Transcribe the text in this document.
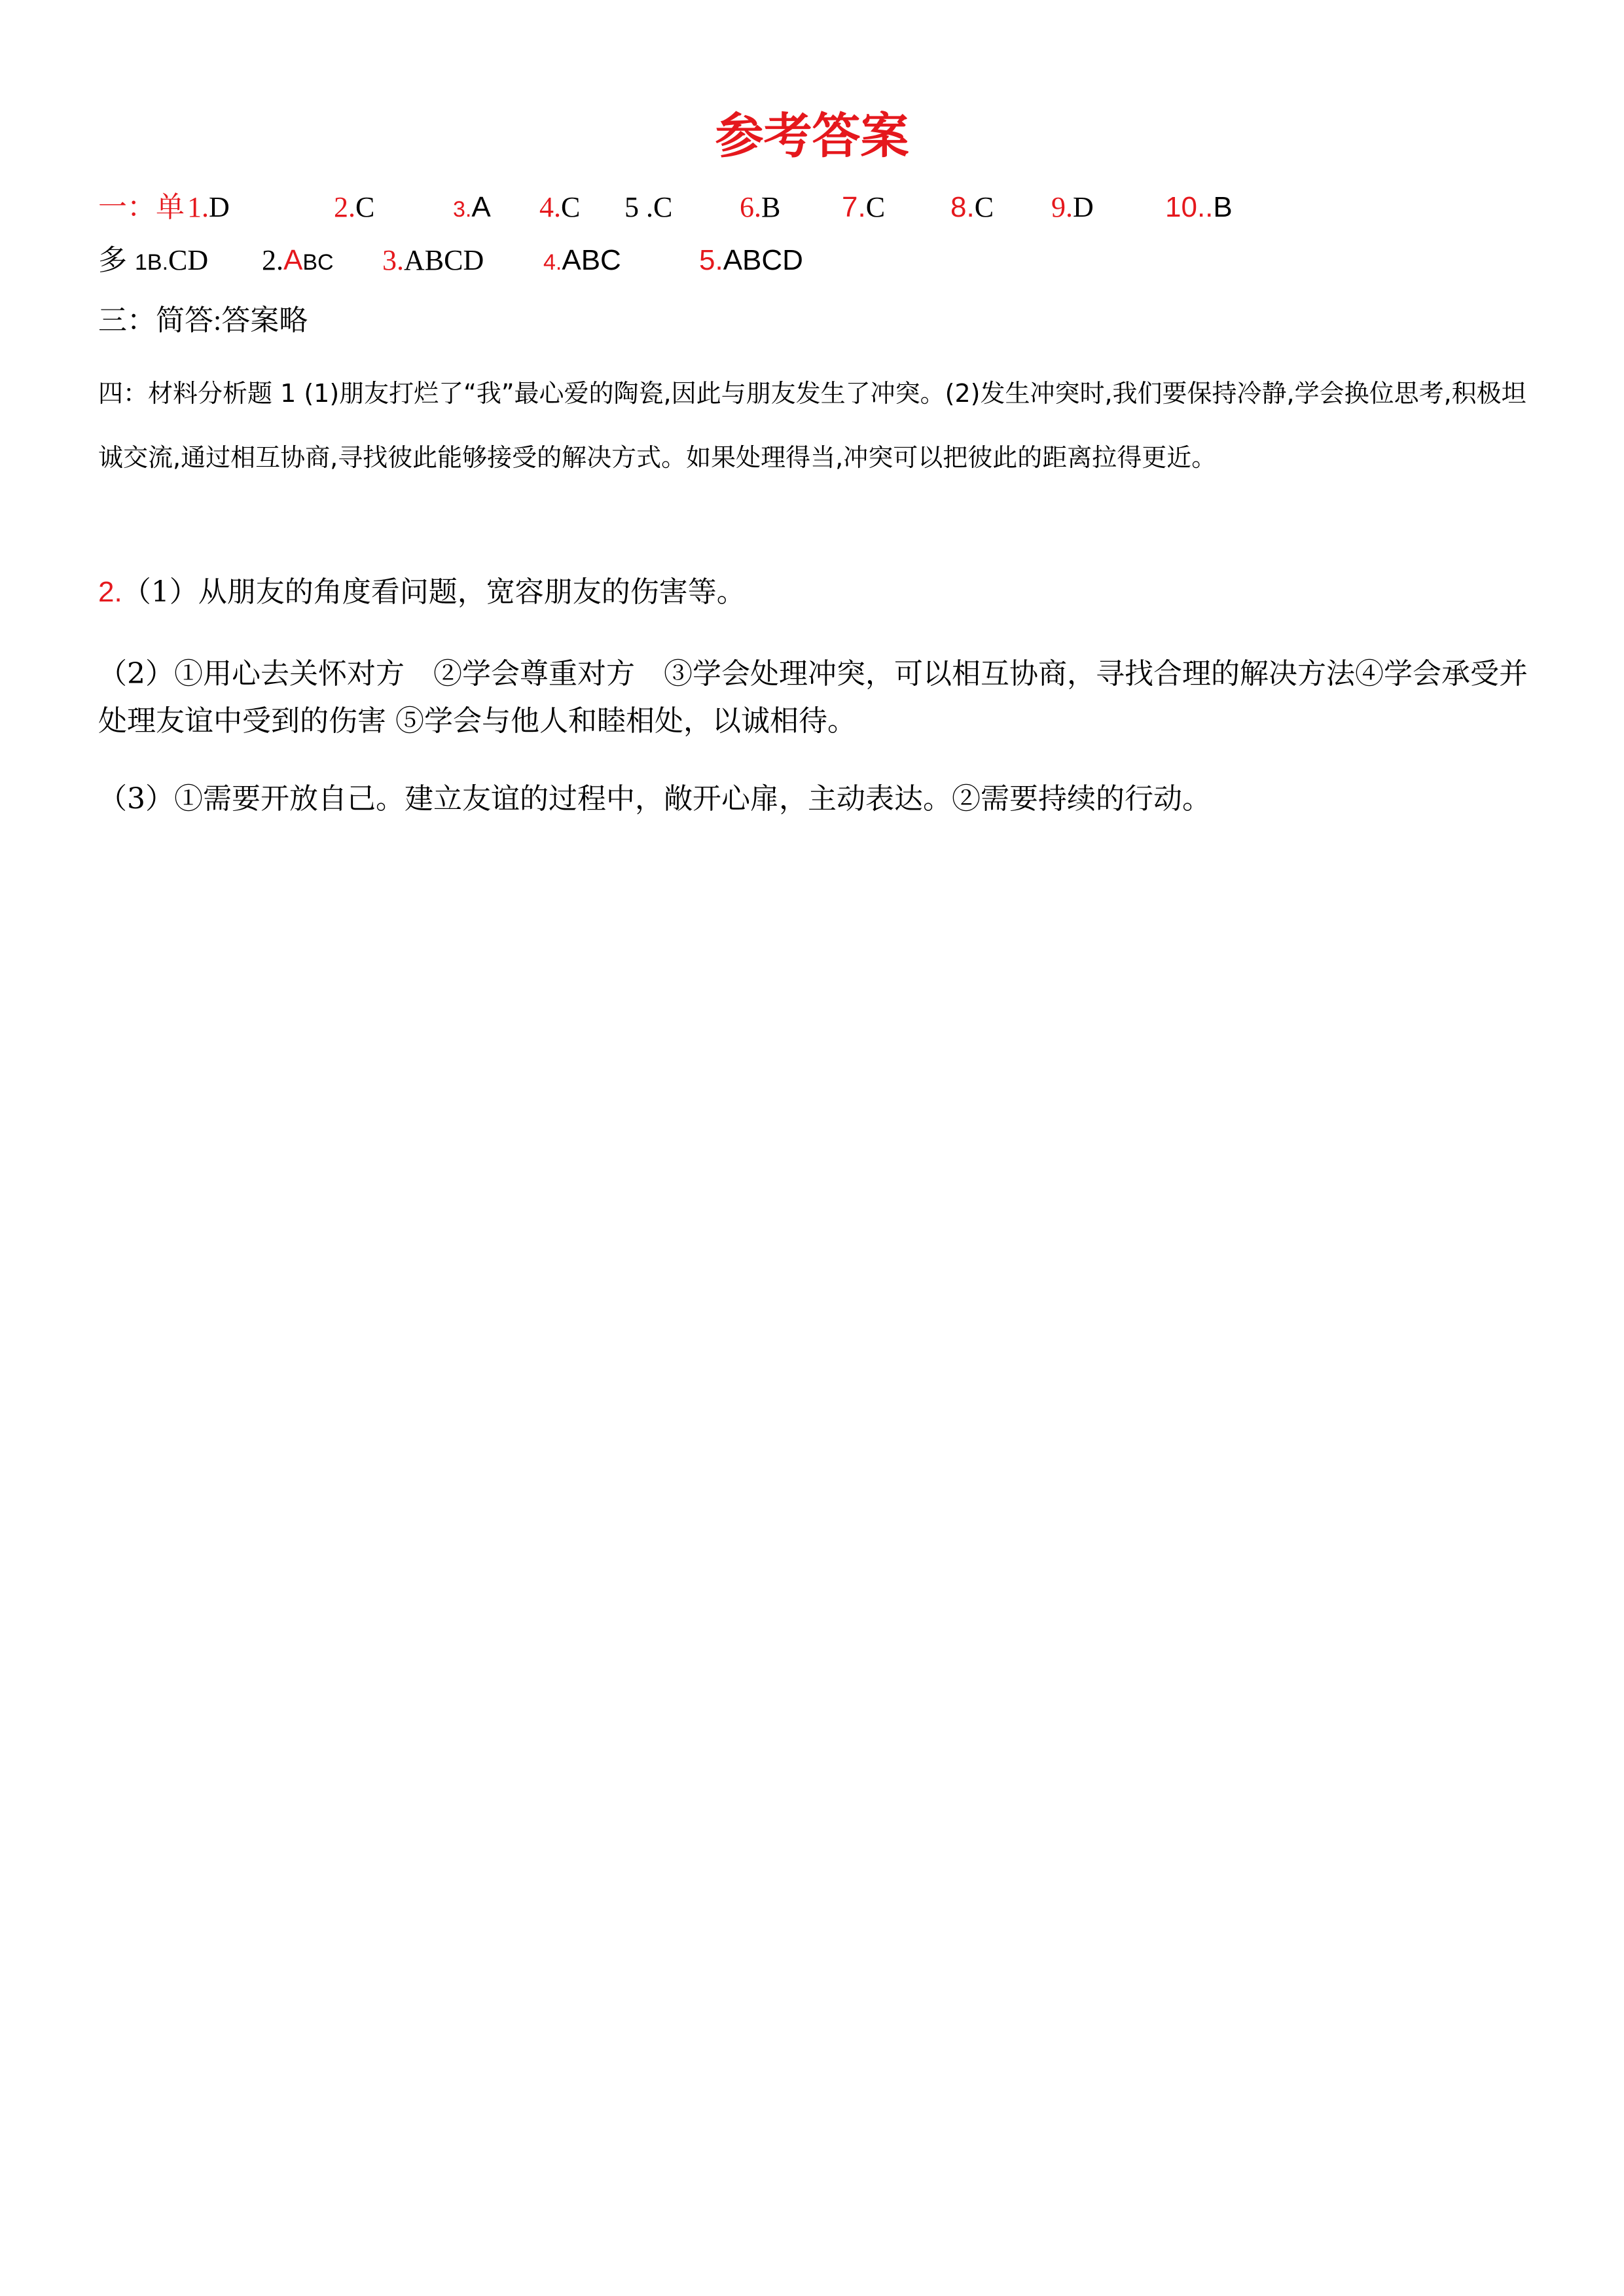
参考答案
一：单 1.D	2.C	3.A 4.C 5 .C 6.B 7.C 8.C 9.D 10..B
多 1B.CD 2.ABC 3.ABCD	4.ABC	5.ABCD
三：简答:答案略
四：材料分析题 1 (1)朋友打烂了“我”最心爱的陶瓷,因此与朋友发生了冲突。(2)发生冲突时,我们要保持冷静,学会换位思考,积极坦诚交流,通过相互协商,寻找彼此能够接受的解决方式。如果处理得当,冲突可以把彼此的距离拉得更近。
2.（1）从朋友的角度看问题，宽容朋友的伤害等。
（2）①用心去关怀对方　②学会尊重对方　③学会处理冲突，可以相互协商，寻找合理的解决方法④学会承受并处理友谊中受到的伤害 ⑤学会与他人和睦相处，以诚相待。
（3）①需要开放自己。建立友谊的过程中，敞开心扉，主动表达。②需要持续的行动。
